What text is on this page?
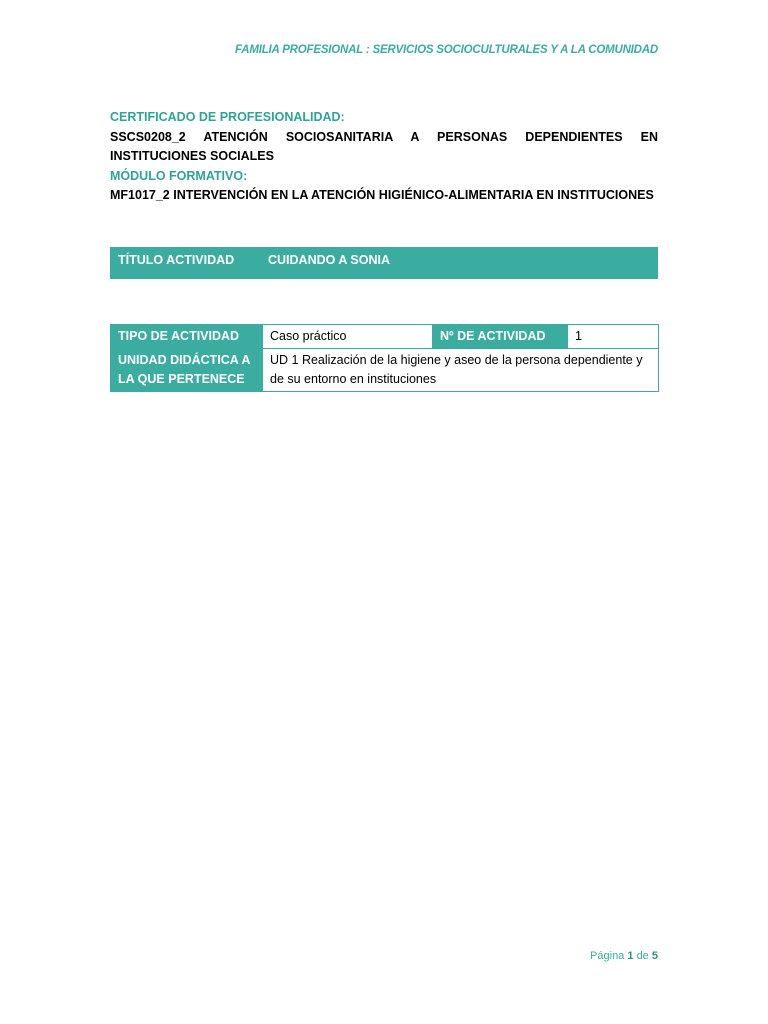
FAMILIA PROFESIONAL : SERVICIOS SOCIOCULTURALES Y A LA COMUNIDAD
CERTIFICADO DE PROFESIONALIDAD:
SSCS0208_2 ATENCIÓN SOCIOSANITARIA A PERSONAS DEPENDIENTES EN INSTITUCIONES SOCIALES
MÓDULO FORMATIVO:
MF1017_2 INTERVENCIÓN EN LA ATENCIÓN HIGIÉNICO-ALIMENTARIA EN INSTITUCIONES
TÍTULO ACTIVIDAD	CUIDANDO A SONIA
TIPO DE ACTIVIDAD	Caso práctico	Nº DE ACTIVIDAD	1
UNIDAD DIDÁCTICA A LA QUE PERTENECE	UD 1 Realización de la higiene y aseo de la persona dependiente y de su entorno en instituciones		
Página 1 de 5
